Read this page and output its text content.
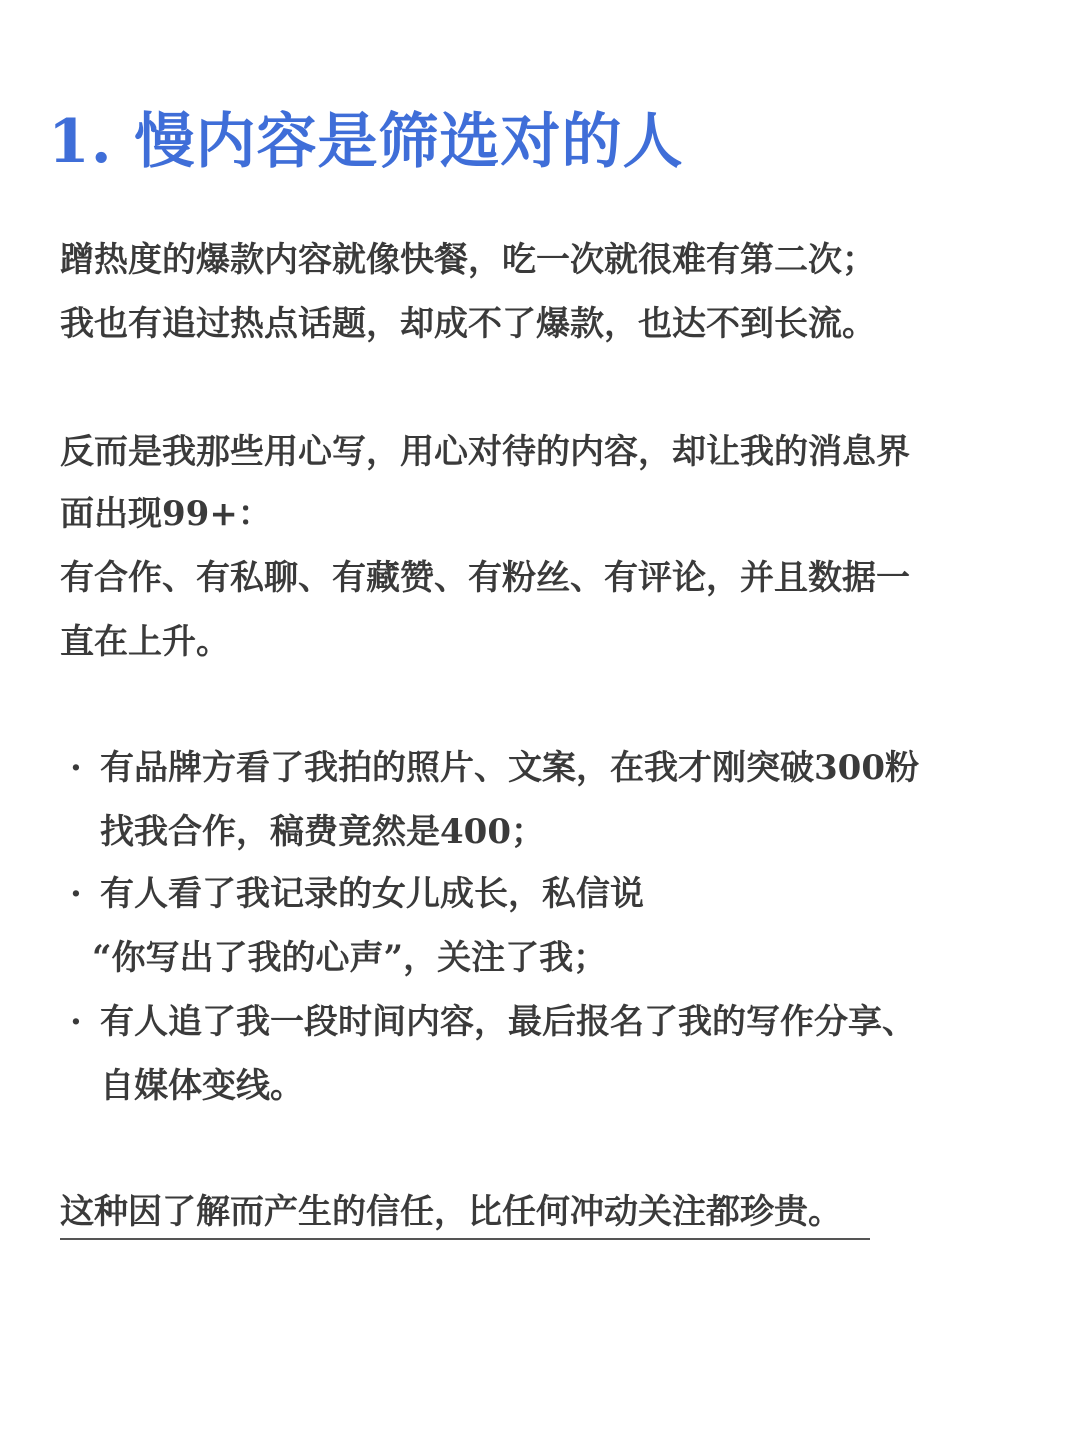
1. 慢内容是筛选对的人
蹭热度的爆款内容就像快餐，吃一次就很难有第二次；
我也有追过热点话题，却成不了爆款，也达不到长流。
反而是我那些用心写，用心对待的内容，却让我的消息界
面出现99+：
有合作、有私聊、有藏赞、有粉丝、有评论，并且数据一
直在上升。
· 有品牌方看了我拍的照片、文案，在我才刚突破300粉
找我合作，稿费竟然是400；
· 有人看了我记录的女儿成长，私信说
“你写出了我的心声”，关注了我；
· 有人追了我一段时间内容，最后报名了我的写作分享、
自媒体变线。
这种因了解而产生的信任，比任何冲动关注都珍贵。
